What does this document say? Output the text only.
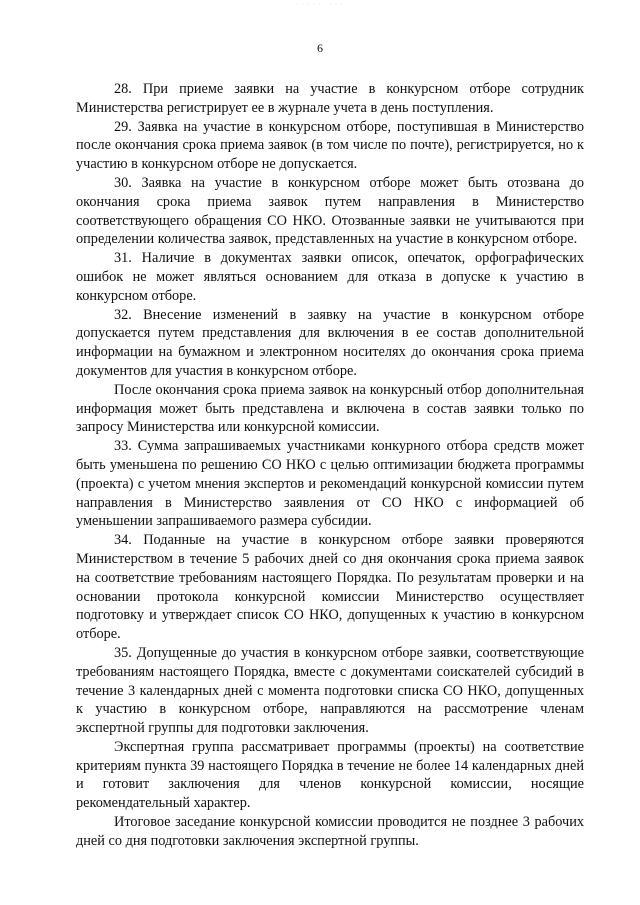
· · · · · · · · ·
6

28. При приеме заявки на участие в конкурсном отборе сотрудник Министерства регистрирует ее в журнале учета в день поступления.

29. Заявка на участие в конкурсном отборе, поступившая в Министерство после окончания срока приема заявок (в том числе по почте), регистрируется, но к участию в конкурсном отборе не допускается.

30. Заявка на участие в конкурсном отборе может быть отозвана до окончания срока приема заявок путем направления в Министерство соответствующего обращения СО НКО. Отозванные заявки не учитываются при определении количества заявок, представленных на участие в конкурсном отборе.

31. Наличие в документах заявки описок, опечаток, орфографических ошибок не может являться основанием для отказа в допуске к участию в конкурсном отборе.

32. Внесение изменений в заявку на участие в конкурсном отборе допускается путем представления для включения в ее состав дополнительной информации на бумажном и электронном носителях до окончания срока приема документов для участия в конкурсном отборе.

После окончания срока приема заявок на конкурсный отбор дополнительная информация может быть представлена и включена в состав заявки только по запросу Министерства или конкурсной комиссии.

33. Сумма запрашиваемых участниками конкурного отбора средств может быть уменьшена по решению СО НКО с целью оптимизации бюджета программы (проекта) с учетом мнения экспертов и рекомендаций конкурсной комиссии путем направления в Министерство заявления от СО НКО с информацией об уменьшении запрашиваемого размера субсидии.

34. Поданные на участие в конкурсном отборе заявки проверяются Министерством в течение 5 рабочих дней со дня окончания срока приема заявок на соответствие требованиям настоящего Порядка. По результатам проверки и на основании протокола конкурсной комиссии Министерство осуществляет подготовку и утверждает список СО НКО, допущенных к участию в конкурсном отборе.

35. Допущенные до участия в конкурсном отборе заявки, соответствующие требованиям настоящего Порядка, вместе с документами соискателей субсидий в течение 3 календарных дней с момента подготовки списка СО НКО, допущенных к участию в конкурсном отборе, направляются на рассмотрение членам экспертной группы для подготовки заключения.

Экспертная группа рассматривает программы (проекты) на соответствие критериям пункта 39 настоящего Порядка в течение не более 14 календарных дней и готовит заключения для членов конкурсной комиссии, носящие рекомендательный характер.

Итоговое заседание конкурсной комиссии проводится не позднее 3 рабочих дней со дня подготовки заключения экспертной группы.
